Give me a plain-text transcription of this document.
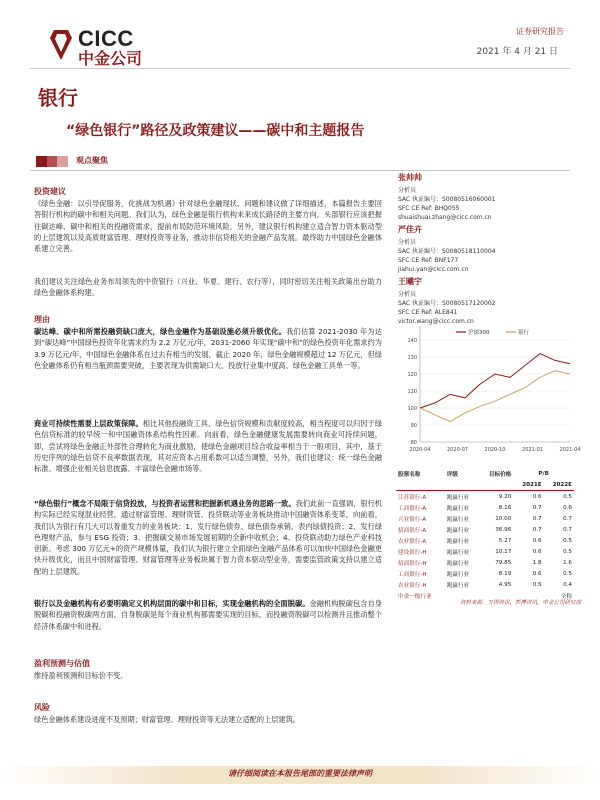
CICC
中金公司
证券研究报告
2021 年 4 月 21 日
银行
“绿色银行”路径及政策建议——碳中和主题报告
观点聚焦
投资建议
《绿色金融：以引导促服务，化挑战为机遇》针对绿色金融现状、问题和建议做了详细描述，本篇报告主要回答银行机构的碳中和相关问题。我们认为，绿色金融是银行机构未来成长路径的主要方向，头部银行应该把握住碳达峰、碳中和相关的投融资需求，提前布局防范环境风险，另外，建议银行机构建立适合智力资本驱动型的上层建筑以及高质财富管理、理财投资等业务，推动非信贷相关的金融产品发展。最终助力中国绿色金融体系建立完善。
我们建议关注绿色业务布局领先的中资银行（兴业、华夏、建行、农行等），同时密切关注相关政策出台助力绿色金融体系构建。
理由
碳达峰、碳中和所需投融资缺口庞大，绿色金融作为基础设施必须升级优化。我们估算 2021-2030 年为达到“碳达峰”中国绿色投资年化需求约为 2.2 万亿元/年，2031-2060 年实现“碳中和”的绿色投资年化需求约为 3.9 万亿元/年，中国绿色金融体系在过去有相当的发展，截止 2020 年，绿色金融规模超过 12 万亿元，但绿色金融体系仍有相当瓶颈需要突破，主要表现为供需缺口大、投放行业集中度高、绿色金融工具单一等。
商业可持续性需要上层政策保障。相比其他投融资工具，绿色信贷规模和贡献度较高，相当程度可以归因于绿色信贷标准的较早统一和中国融资体系结构性因素。向前看，绿色金融健康发展需要转向商业可持续问题，即，尝试将绿色金融正外部性合理转化为商业激励，使绿色金融项目综合收益率相当于一般项目，其中，基于历史序列的绿色信贷不良率数据表现，其对应资本占用系数可以适当调整，另外，我们也建议：统一绿色金融标准、增强企业相关信息披露、丰富绿色金融市场等。
“绿色银行”概念不局限于信贷投放，与投资者运营和把握新机遇业务的思路一致。我们此前一直强调，银行机构实际已经实现混业经营，通过财富管理、理财资管、投贷联动等业务板块推动中国融资体系变革，向前看，我们认为银行有几大可以着重发力的业务板块：1、发行绿色债券、绿色债券承销、表内绿债投资；2、发行绿色理财产品，参与 ESG 投资；3、把握碳交易市场发展初期的全新中收机会；4、投贷联动助力绿色产业科技创新。考虑 300 万亿元+的资产规模体量，我们认为银行建立全面绿色金融产品体系可以加快中国绿色金融更快升级优化，而且中国财富管理、财富管理等业务板块属于智力资本驱动型业务，需要监管政策支持以建立适配的上层建筑。
银行以及金融机构有必要明确定义机构层面的碳中和目标，实现金融机构的全面脱碳。金融机构脱碳包含自身脱碳和投融资脱碳两方面，自身脱碳是每个商业机构都需要实现的目标，而投融资脱碳可以检测并且推动整个经济体系碳中和进程。
盈利预测与估值
维持盈利预测和目标价不变。
风险
绿色金融体系建设进度不及预期；财富管理、理财投资等无法建立适配的上层建筑。
张帅帅
分析员
SAC 执证编号：S0080516060001
SFC CE Ref: BHQ055
shuaishuai.zhang@cicc.com.cn
严佳卉
分析员
SAC 执证编号：S0080518110004
SFC CE Ref: BNF177
jiahui.yan@cicc.com.cn
王曦宇
分析员
SAC 执证编号：S0080517120002
SFC CE Ref: ALE841
victor.wang@cicc.com.cn
140
130
120
110
100
90
80
2020-04	2020-07	2020-10	2021-01	2021-04
沪深300	银行
股票名称	评级	目标价格	P/B	
			2021E	2022E
江苏银行-A	跑赢行业	9.20	0.6	0.5
工商银行-A	跑赢行业	8.16	0.7	0.6
兴业银行-A	跑赢行业	10.00	0.7	0.7
招商银行-A	跑赢行业	36.96	0.7	0.7
农业银行-A	跑赢行业	5.27	0.6	0.5
建设银行-H	跑赢行业	10.17	0.6	0.5
招商银行-H	跑赢行业	79.85	1.8	1.6
工商银行-H	跑赢行业	8.19	0.6	0.5
农业银行-H	跑赢行业	4.95	0.5	0.4
中金一级行业				全称
资料来源：万得资讯，彭博资讯，中金公司研究部
请仔细阅读在本报告尾部的重要法律声明
